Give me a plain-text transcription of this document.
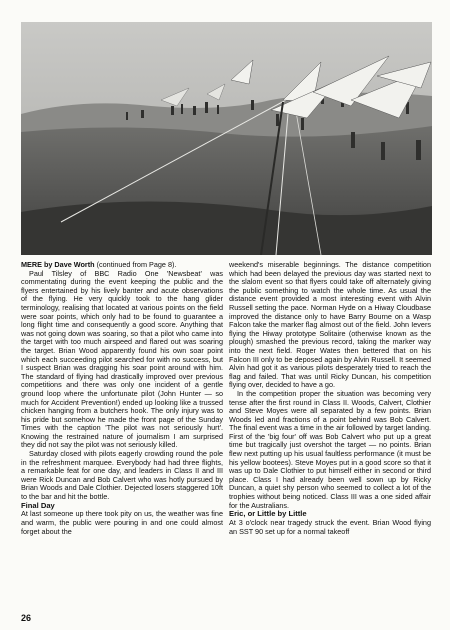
MERE by Dave Worth (continued from Page 8).

Paul Tilsley of BBC Radio One 'Newsbeat' was commentating during the event keeping the public and the flyers entertained by his lively banter and acute observations of the flying. He very quickly took to the hang glider terminology, realising that located at various points on the field were soar points, which only had to be found to guarantee a long flight time and consequently a good score. Anything that was not going down was soaring, so that a pilot who came into the target with too much airspeed and flared out was soaring the target. Brian Wood apparently found his own soar point which each succeeding pilot searched for with no success, but I suspect Brian was dragging his soar point around with him. The standard of flying had drastically improved over previous competitions and there was only one incident of a gentle ground loop where the unfortunate pilot (John Hunter — so much for Accident Prevention!) ended up looking like a trussed chicken hanging from a butchers hook. The only injury was to his pride but somehow he made the front page of the Sunday Times with the caption 'The pilot was not seriously hurt'. Knowing the restrained nature of journalism I am surprised they did not say the pilot was not seriously killed.

Saturday closed with pilots eagerly crowding round the pole in the refreshment marquee. Everybody had had three flights, a remarkable feat for one day, and leaders in Class II and III were Rick Duncan and Bob Calvert who was hotly pursued by Brian Woods and Dale Clothier. Dejected losers staggered 10ft to the bar and hit the bottle.

Final Day

At last someone up there took pity on us, the weather was fine and warm, the public were pouring in and one could almost forget about the

weekend's miserable beginnings. The distance competition which had been delayed the previous day was started next to the slalom event so that flyers could take off alternately giving the public something to watch the whole time. As usual the distance event provided a most interesting event with Alvin Russell setting the pace. Norman Hyde on a Hiway Cloudbase improved the distance only to have Barry Bourne on a Wasp Falcon take the marker flag almost out of the field. John Ievers flying the Hiway prototype Solitaire (otherwise known as the plough) smashed the previous record, taking the marker way into the next field. Roger Wates then bettered that on his Falcon III only to be deposed again by Alvin Russell. It seemed Alvin had got it as various pilots desperately tried to reach the flag and failed. That was until Ricky Duncan, his competition flying over, decided to have a go.

In the competition proper the situation was becoming very tense after the first round in Class II. Woods, Calvert, Clothier and Steve Moyes were all separated by a few points. Brian Woods led and fractions of a point behind was Bob Calvert. The final event was a time in the air followed by target landing. First of the 'big four' off was Bob Calvert who put up a great time but tragically just overshot the target — no points. Brian flew next putting up his usual faultless performance (it must be his yellow bootees). Steve Moyes put in a good score so that it was up to Dale Clothier to put himself either in second or third place. Class I had already been well sown up by Ricky Duncan, a quiet shy person who seemed to collect a lot of the trophies without being noticed. Class III was a one sided affair for the Australians.

Eric, or Little by Little

At 3 o'clock near tragedy struck the event. Brian Wood flying an SST 90 set up for a normal takeoff

26
